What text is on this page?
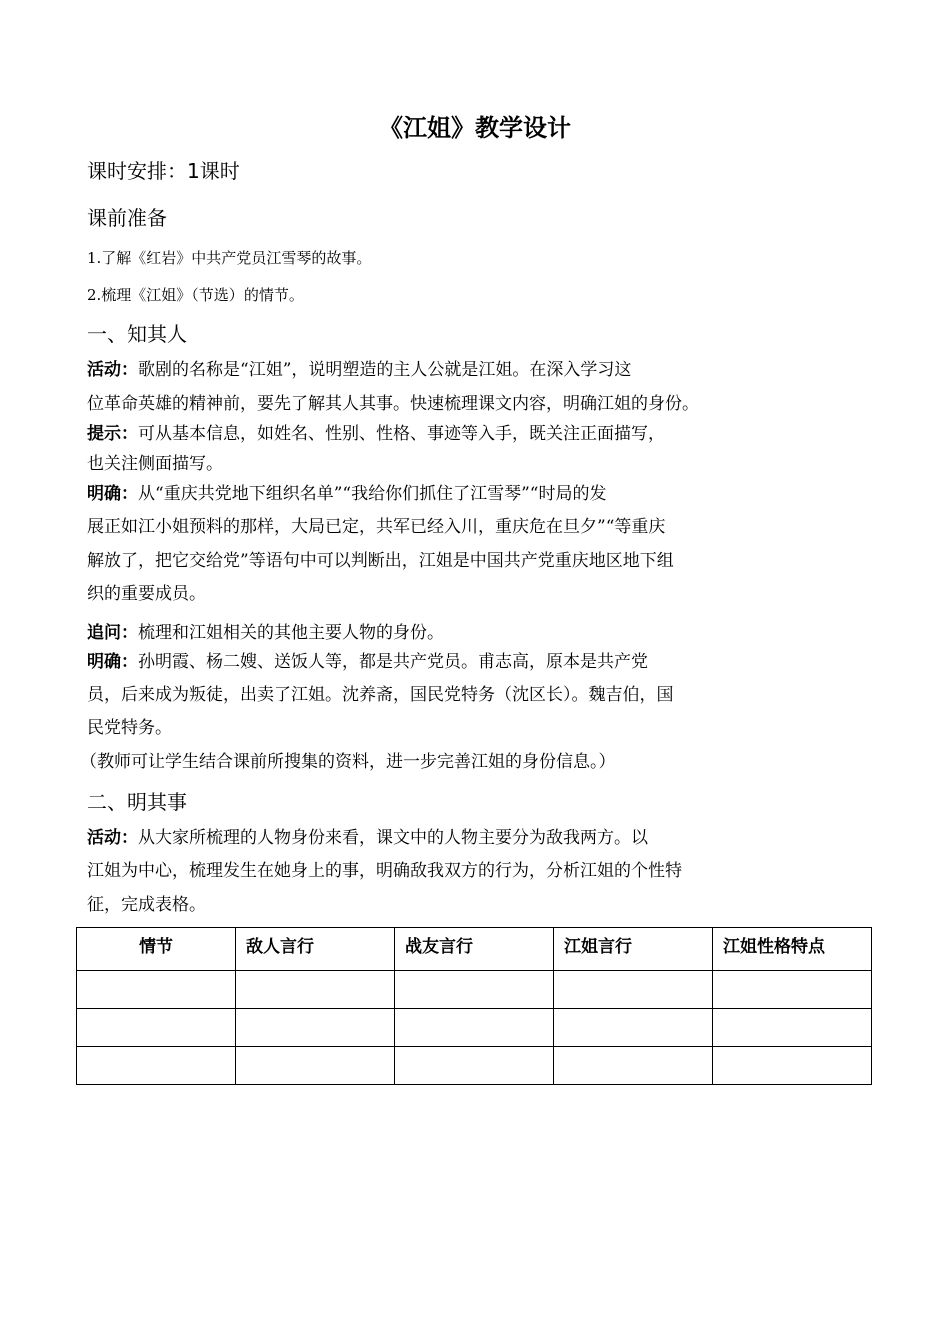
《江姐》教学设计
课时安排：1课时
课前准备
1.了解《红岩》中共产党员江雪琴的故事。
2.梳理《江姐》（节选）的情节。
一、知其人
活动：歌剧的名称是“江姐”，说明塑造的主人公就是江姐。在深入学习这
位革命英雄的精神前，要先了解其人其事。快速梳理课文内容，明确江姐的身份。
提示：可从基本信息，如姓名、性别、性格、事迹等入手，既关注正面描写，
也关注侧面描写。
明确：从“重庆共党地下组织名单”“我给你们抓住了江雪琴”“时局的发
展正如江小姐预料的那样，大局已定，共军已经入川，重庆危在旦夕”“等重庆
解放了，把它交给党”等语句中可以判断出，江姐是中国共产党重庆地区地下组
织的重要成员。
追问：梳理和江姐相关的其他主要人物的身份。
明确：孙明霞、杨二嫂、送饭人等，都是共产党员。甫志高，原本是共产党
员，后来成为叛徒，出卖了江姐。沈养斋，国民党特务（沈区长）。魏吉伯，国
民党特务。
（教师可让学生结合课前所搜集的资料，进一步完善江姐的身份信息。）
二、明其事
活动：从大家所梳理的人物身份来看，课文中的人物主要分为敌我两方。以
江姐为中心，梳理发生在她身上的事，明确敌我双方的行为，分析江姐的个性特
征，完成表格。
情节	敌人言行	战友言行	江姐言行	江姐性格特点
